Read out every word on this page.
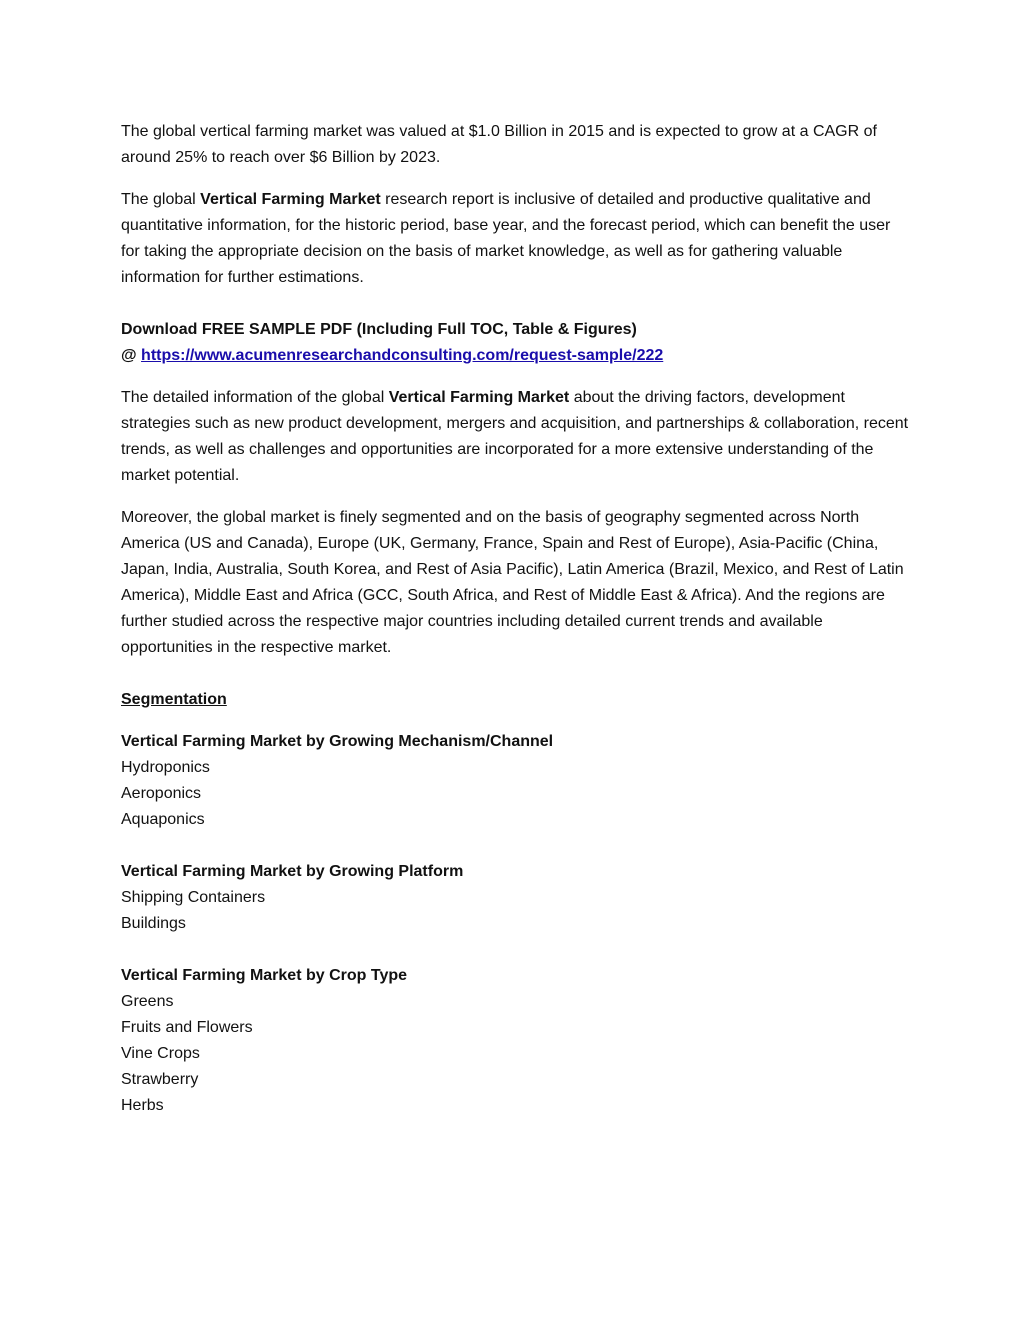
The global vertical farming market was valued at $1.0 Billion in 2015 and is expected to grow at a CAGR of around 25% to reach over $6 Billion by 2023.

The global Vertical Farming Market research report is inclusive of detailed and productive qualitative and quantitative information, for the historic period, base year, and the forecast period, which can benefit the user for taking the appropriate decision on the basis of market knowledge, as well as for gathering valuable information for further estimations.

Download FREE SAMPLE PDF (Including Full TOC, Table & Figures)

@ https://www.acumenresearchandconsulting.com/request-sample/222

The detailed information of the global Vertical Farming Market about the driving factors, development strategies such as new product development, mergers and acquisition, and partnerships & collaboration, recent trends, as well as challenges and opportunities are incorporated for a more extensive understanding of the market potential.

Moreover, the global market is finely segmented and on the basis of geography segmented across North America (US and Canada), Europe (UK, Germany, France, Spain and Rest of Europe), Asia-Pacific (China, Japan, India, Australia, South Korea, and Rest of Asia Pacific), Latin America (Brazil, Mexico, and Rest of Latin America), Middle East and Africa (GCC, South Africa, and Rest of Middle East & Africa). And the regions are further studied across the respective major countries including detailed current trends and available opportunities in the respective market.

Segmentation

Vertical Farming Market by Growing Mechanism/Channel

Hydroponics
Aeroponics
Aquaponics

Vertical Farming Market by Growing Platform

Shipping Containers
Buildings

Vertical Farming Market by Crop Type

Greens
Fruits and Flowers
Vine Crops
Strawberry
Herbs
